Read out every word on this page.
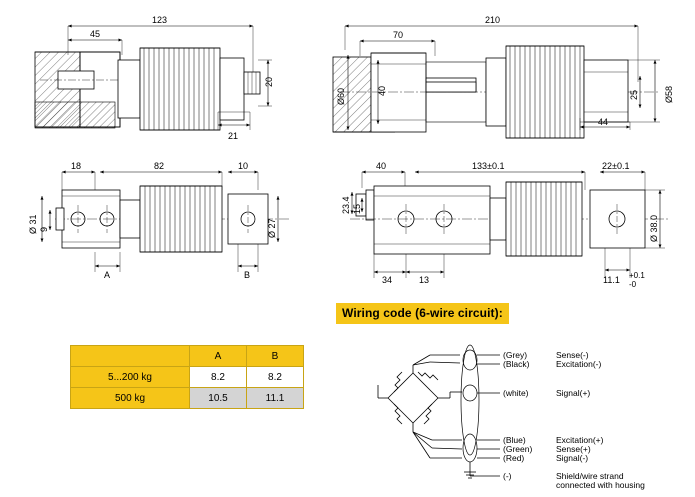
123
45
20
21
210
70
40
Ø60	Ø58
25
44
18	82	10
Ø 31 9	Ø 27
A	B
40	133±0.1	22±0.1
23.4 15
Ø 38.0
34	13	11.1 +0.1
-0
Wiring code (6-wire circuit):
(Grey)	Sense(-)
(Black)	Excitation(-)
(white)	Signal(+)
(Blue)	Excitation(+)
(Green)	Sense(+)
(Red)	Signal(-)
(-)	Shield/wire strand
connected with housing
	A	B
5...200 kg	8.2	8.2
500 kg	10.5	11.1
